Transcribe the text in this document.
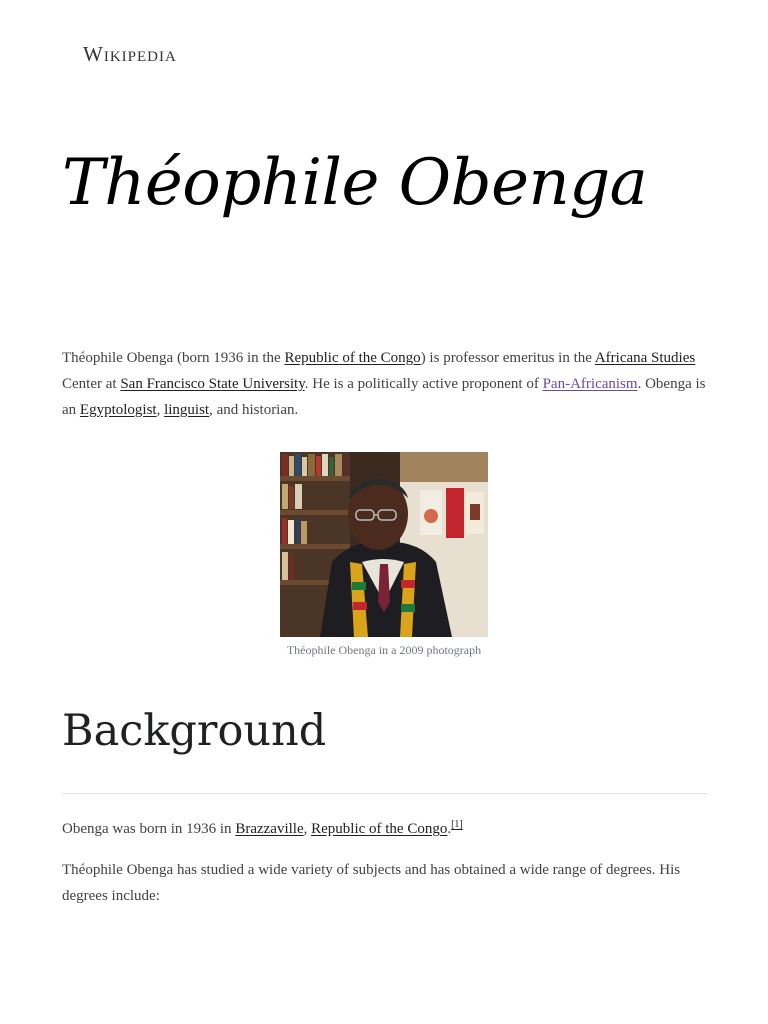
Wikipedia
Théophile Obenga

Théophile Obenga (born 1936 in the Republic of the Congo) is professor emeritus in the Africana Studies Center at San Francisco State University. He is a politically active proponent of Pan-Africanism. Obenga is an Egyptologist, linguist, and historian.

Théophile Obenga in a 2009 photograph
Background

Obenga was born in 1936 in Brazzaville, Republic of the Congo.[1]

Théophile Obenga has studied a wide variety of subjects and has obtained a wide range of degrees. His degrees include:
